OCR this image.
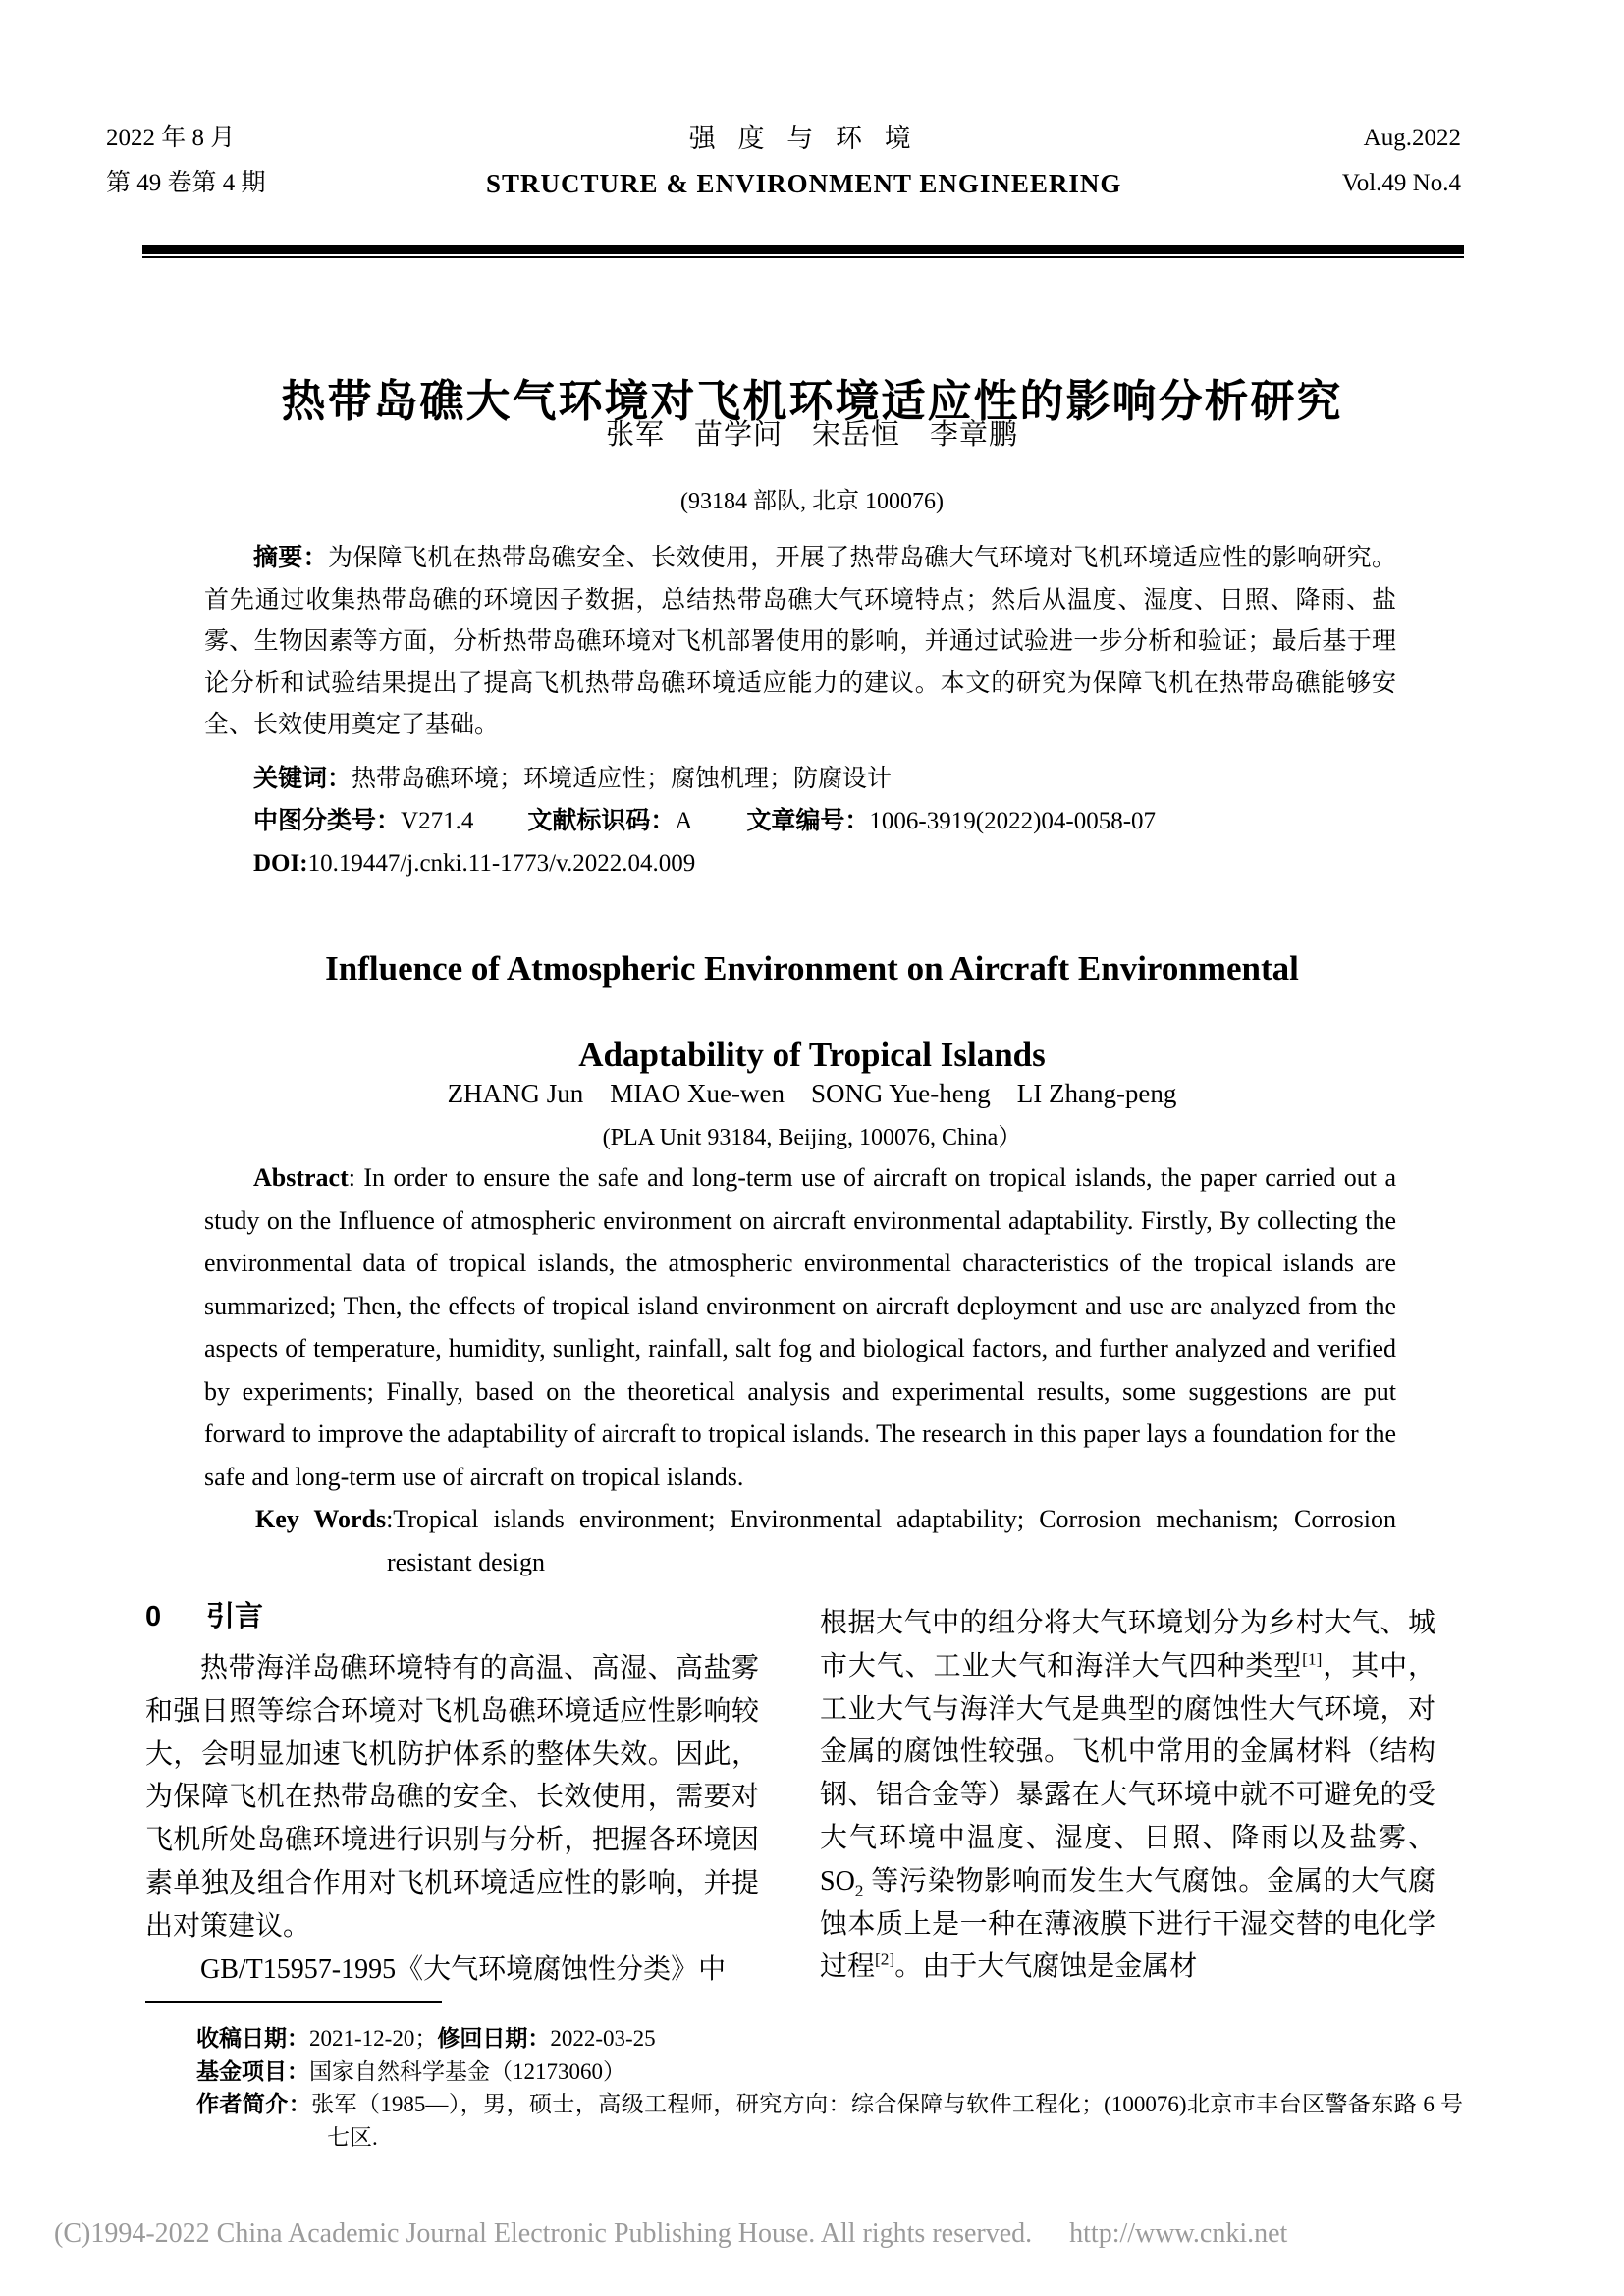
2022 年 8 月
第 49 卷第 4 期
强 度 与 环 境
STRUCTURE & ENVIRONMENT ENGINEERING
Aug.2022
Vol.49 No.4
热带岛礁大气环境对飞机环境适应性的影响分析研究
张军　苗学问　宋岳恒　李章鹏
(93184 部队, 北京 100076)

摘要：为保障飞机在热带岛礁安全、长效使用，开展了热带岛礁大气环境对飞机环境适应性的影响研究。首先通过收集热带岛礁的环境因子数据，总结热带岛礁大气环境特点；然后从温度、湿度、日照、降雨、盐雾、生物因素等方面，分析热带岛礁环境对飞机部署使用的影响，并通过试验进一步分析和验证；最后基于理论分析和试验结果提出了提高飞机热带岛礁环境适应能力的建议。本文的研究为保障飞机在热带岛礁能够安全、长效使用奠定了基础。

关键词：热带岛礁环境；环境适应性；腐蚀机理；防腐设计

中图分类号：V271.4 文献标识码：A 文章编号：1006-3919(2022)04-0058-07

DOI:10.19447/j.cnki.11-1773/v.2022.04.009

Influence of Atmospheric Environment on Aircraft Environmental
Adaptability of Tropical Islands
ZHANG Jun　MIAO Xue-wen　SONG Yue-heng　LI Zhang-peng
(PLA Unit 93184, Beijing, 100076, China）

Abstract: In order to ensure the safe and long-term use of aircraft on tropical islands, the paper carried out a study on the Influence of atmospheric environment on aircraft environmental adaptability. Firstly, By collecting the environmental data of tropical islands, the atmospheric environmental characteristics of the tropical islands are summarized; Then, the effects of tropical island environment on aircraft deployment and use are analyzed from the aspects of temperature, humidity, sunlight, rainfall, salt fog and biological factors, and further analyzed and verified by experiments; Finally, based on the theoretical analysis and experimental results, some suggestions are put forward to improve the adaptability of aircraft to tropical islands. The research in this paper lays a foundation for the safe and long-term use of aircraft on tropical islands.

Key Words:Tropical islands environment; Environmental adaptability; Corrosion mechanism; Corrosion resistant design

0 引言

热带海洋岛礁环境特有的高温、高湿、高盐雾和强日照等综合环境对飞机岛礁环境适应性影响较大，会明显加速飞机防护体系的整体失效。因此，为保障飞机在热带岛礁的安全、长效使用，需要对飞机所处岛礁环境进行识别与分析，把握各环境因素单独及组合作用对飞机环境适应性的影响，并提出对策建议。

GB/T15957-1995《大气环境腐蚀性分类》中

根据大气中的组分将大气环境划分为乡村大气、城市大气、工业大气和海洋大气四种类型[1]，其中，工业大气与海洋大气是典型的腐蚀性大气环境，对金属的腐蚀性较强。飞机中常用的金属材料（结构钢、铝合金等）暴露在大气环境中就不可避免的受大气环境中温度、湿度、日照、降雨以及盐雾、$SO_2$ 等污染物影响而发生大气腐蚀。金属的大气腐蚀本质上是一种在薄液膜下进行干湿交替的电化学过程[2]。由于大气腐蚀是金属材

收稿日期：2021-12-20；修回日期：2022-03-25

基金项目：国家自然科学基金（12173060）

作者简介：张军（1985—），男，硕士，高级工程师，研究方向：综合保障与软件工程化；(100076)北京市丰台区警备东路 6 号七区.

(C)1994-2022 China Academic Journal Electronic Publishing House. All rights reserved. http://www.cnki.net
